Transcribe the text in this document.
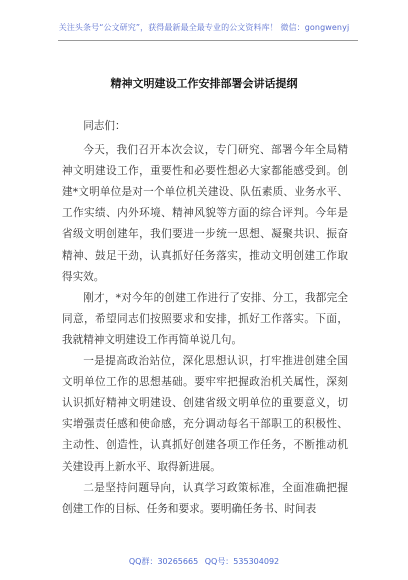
关注头条号“公文研究”，获得最新最全最专业的公文资料库！ 微信：gongwenyj
精神文明建设工作安排部署会讲话提纲

同志们：

今天，我们召开本次会议，专门研究、部署今年全局精神文明建设工作，重要性和必要性想必大家都能感受到。创建*文明单位是对一个单位机关建设、队伍素质、业务水平、工作实绩、内外环境、精神风貌等方面的综合评判。今年是省级文明创建年，我们要进一步统一思想、凝聚共识、振奋精神、鼓足干劲，认真抓好任务落实，推动文明创建工作取得实效。

刚才，*对今年的创建工作进行了安排、分工，我都完全同意，希望同志们按照要求和安排，抓好工作落实。下面，我就精神文明建设工作再简单说几句。

一是提高政治站位，深化思想认识，打牢推进创建全国文明单位工作的思想基础。要牢牢把握政治机关属性，深刻认识抓好精神文明建设、创建省级文明单位的重要意义，切实增强责任感和使命感，充分调动每名干部职工的积极性、主动性、创造性，认真抓好创建各项工作任务，不断推动机关建设再上新水平、取得新进展。

二是坚持问题导向，认真学习政策标准，全面准确把握创建工作的目标、任务和要求。要明确任务书、时间表

QQ群：30265665 QQ号：535304092
